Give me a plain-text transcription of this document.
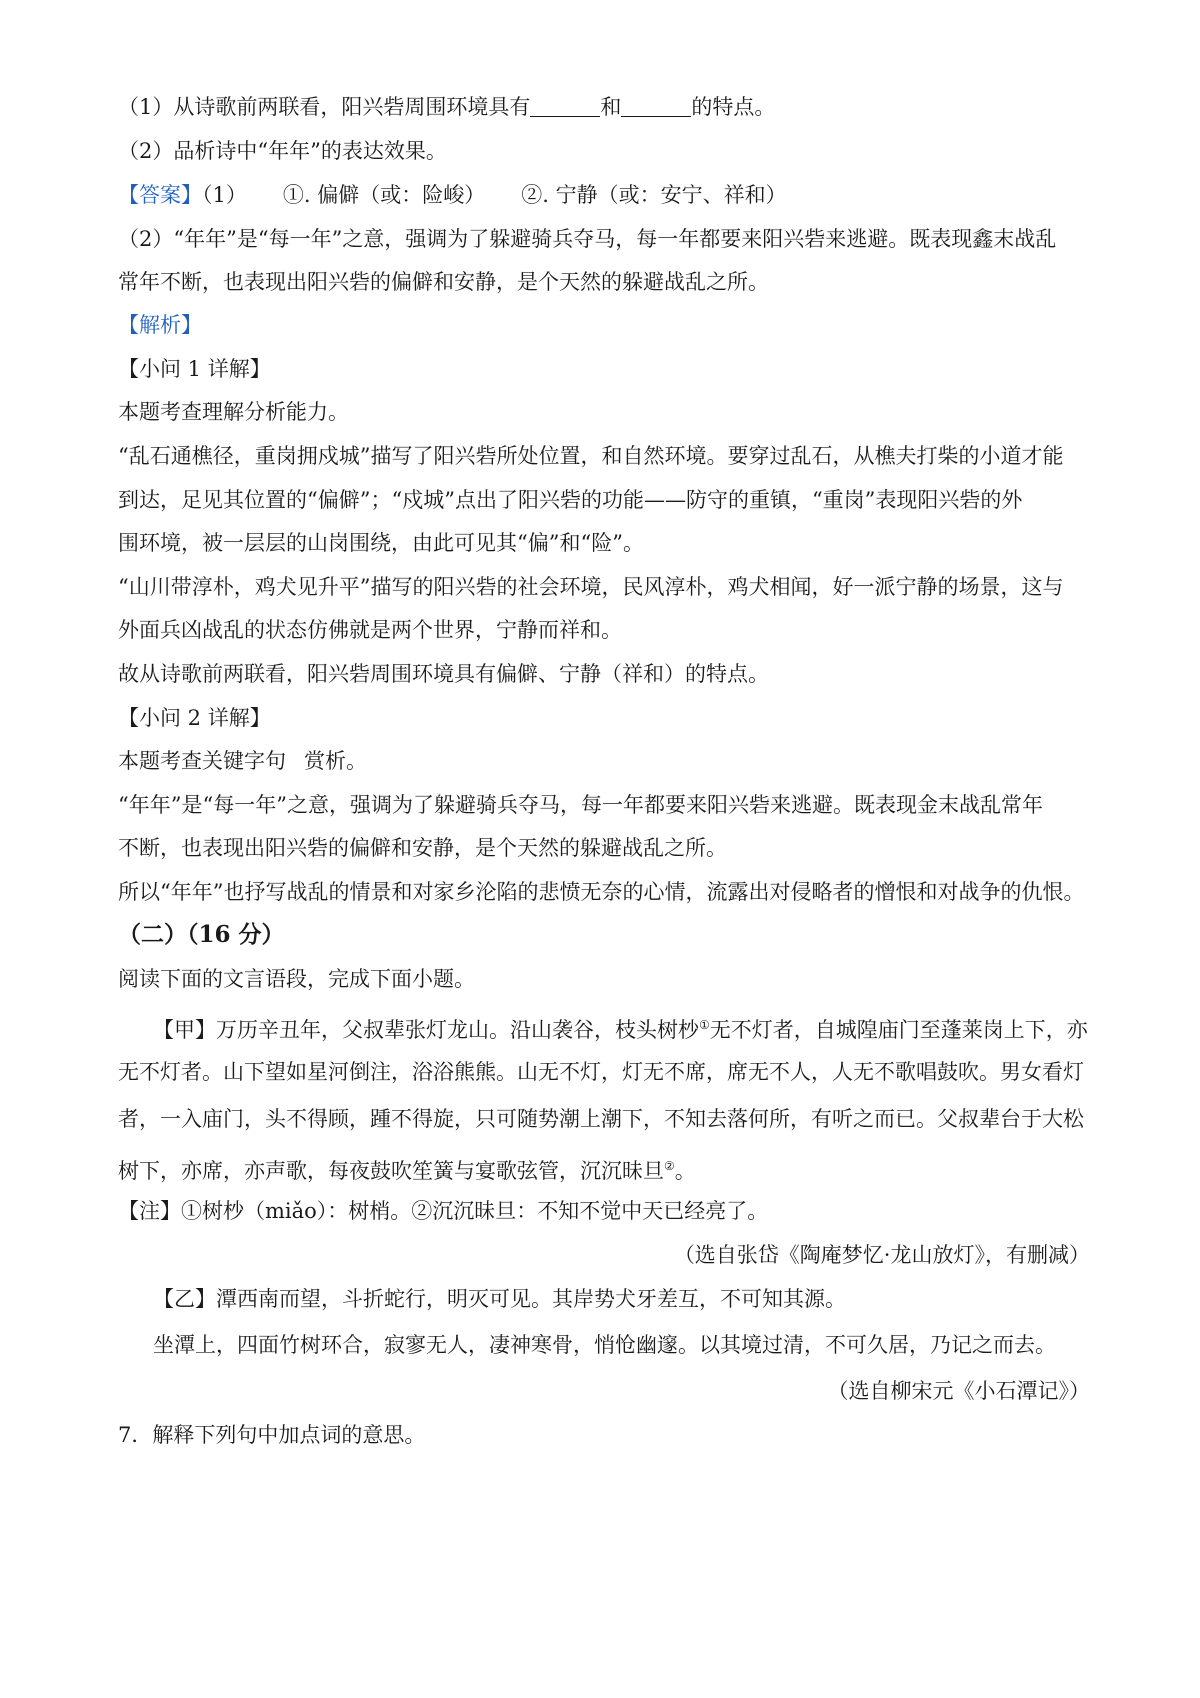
（1）从诗歌前两联看，阳兴砦周围环境具有	和	的特点。
（2）品析诗中“年年”的表达效果。
【答案】（1） ①. 偏僻（或：险峻） ②. 宁静（或：安宁、祥和）
（2）“年年”是“每一年”之意，强调为了躲避骑兵夺马，每一年都要来阳兴砦来逃避。既表现鑫末战乱
常年不断，也表现出阳兴砦的偏僻和安静，是个天然的躲避战乱之所。
【解析】
【小问 1 详解】
本题考查理解分析能力。
“乱石通樵径，重岗拥戍城”描写了阳兴砦所处位置，和自然环境。要穿过乱石，从樵夫打柴的小道才能
到达，足见其位置的“偏僻”；“戍城”点出了阳兴砦的功能——防守的重镇，“重岗”表现阳兴砦的外
围环境，被一层层的山岗围绕，由此可见其“偏”和“险”。
“山川带淳朴，鸡犬见升平”描写的阳兴砦的社会环境，民风淳朴，鸡犬相闻，好一派宁静的场景，这与
外面兵凶战乱的状态仿佛就是两个世界，宁静而祥和。
故从诗歌前两联看，阳兴砦周围环境具有偏僻、宁静（祥和）的特点。
【小问 2 详解】
本题考查关键字句 赏析。
“年年”是“每一年”之意，强调为了躲避骑兵夺马，每一年都要来阳兴砦来逃避。既表现金末战乱常年
不断，也表现出阳兴砦的偏僻和安静，是个天然的躲避战乱之所。
所以“年年”也抒写战乱的情景和对家乡沦陷的悲愤无奈的心情，流露出对侵略者的憎恨和对战争的仇恨。
（二）（16 分）
阅读下面的文言语段，完成下面小题。
【甲】万历辛丑年，父叔辈张灯龙山。沿山袭谷，枝头树杪①无不灯者，自城隍庙门至蓬莱岗上下，亦
无不灯者。山下望如星河倒注，浴浴熊熊。山无不灯，灯无不席，席无不人，人无不歌唱鼓吹。男女看灯
者，一入庙门，头不得顾，踵不得旋，只可随势潮上潮下，不知去落何所，有听之而已。父叔辈台于大松
树下，亦席，亦声歌，每夜鼓吹笙簧与宴歌弦管，沉沉昧旦②。
【注】①树杪（miǎo）：树梢。②沉沉昧旦：不知不觉中天已经亮了。
（选自张岱《陶庵梦忆·龙山放灯》，有删减）
【乙】潭西南而望，斗折蛇行，明灭可见。其岸势犬牙差互，不可知其源。
坐潭上，四面竹树环合，寂寥无人，凄神寒骨，悄怆幽邃。以其境过清，不可久居，乃记之而去。
（选自柳宋元《小石潭记》）
7．解释下列句中加点词的意思。
